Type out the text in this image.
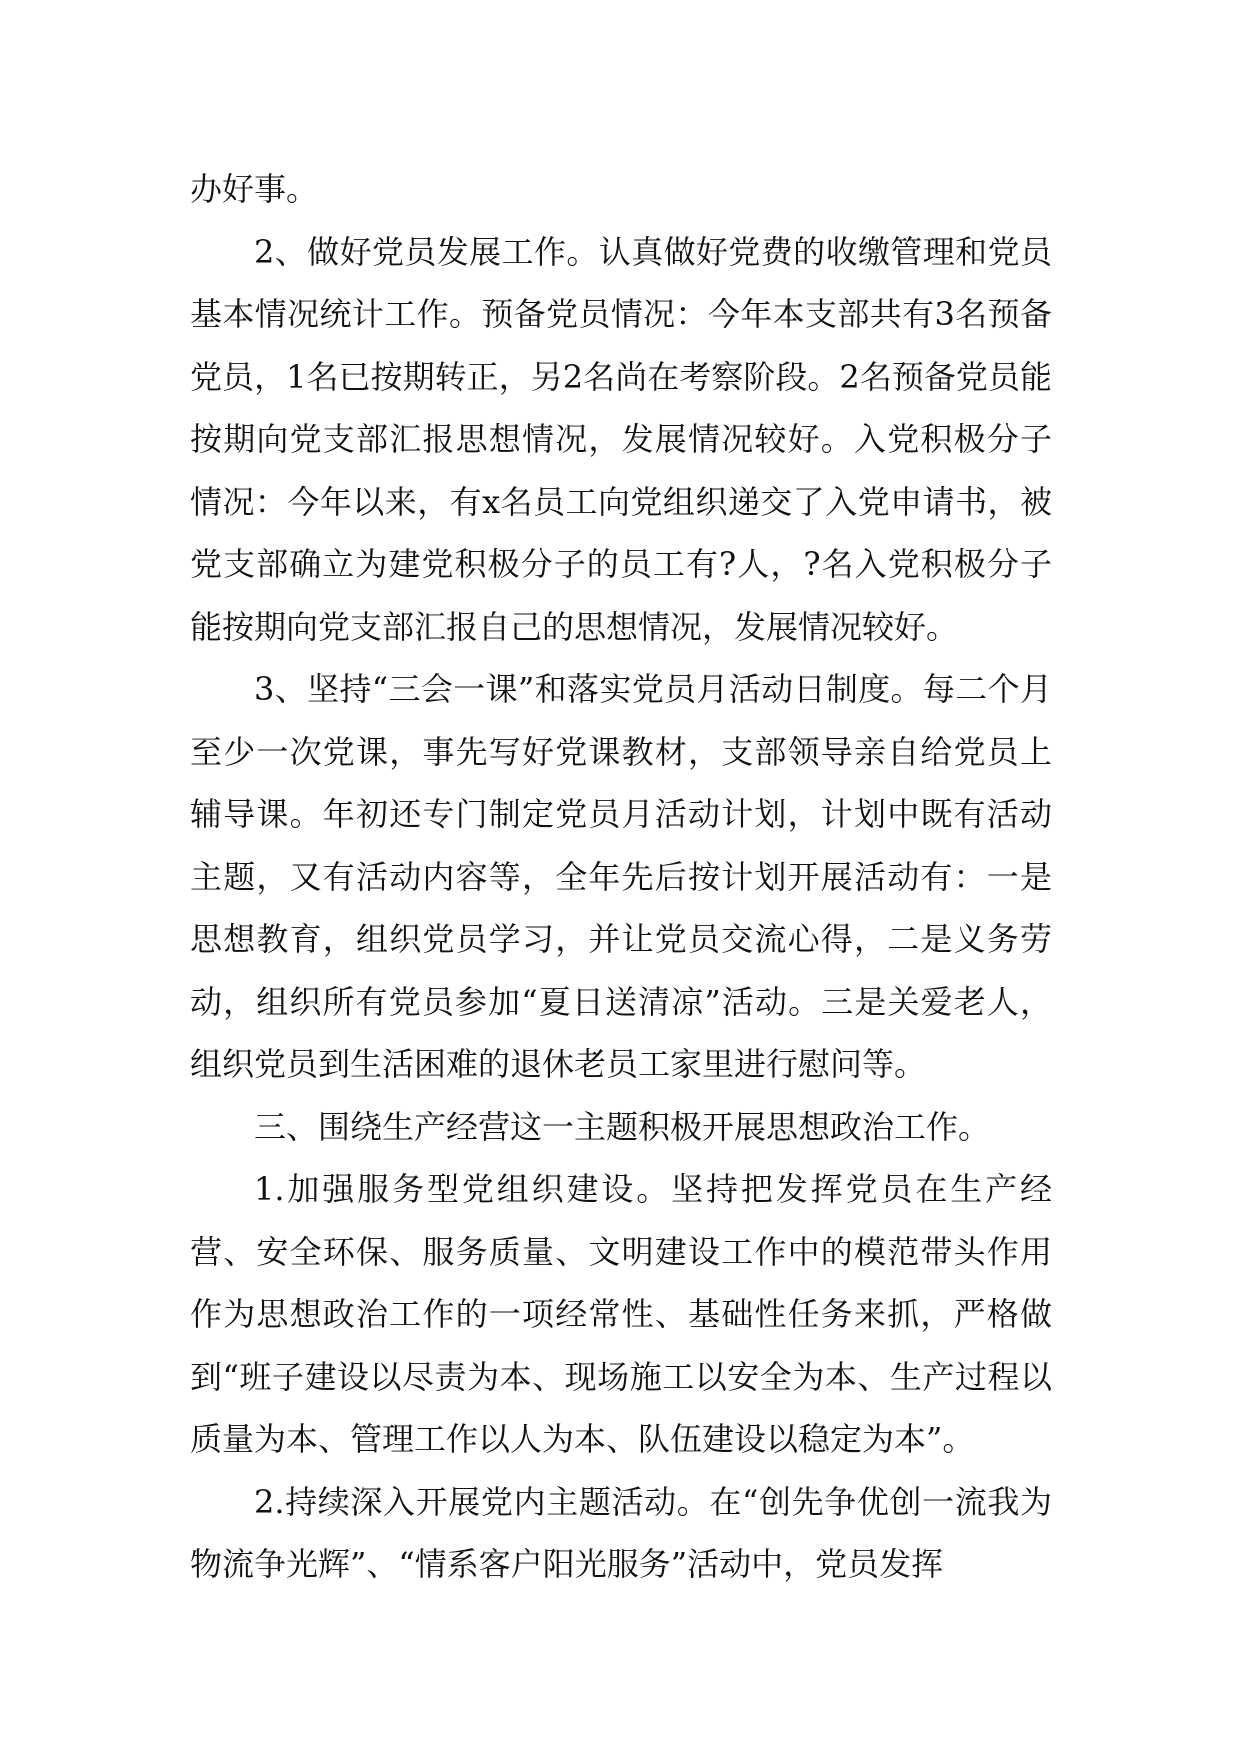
办好事。

2、做好党员发展工作。认真做好党费的收缴管理和党员基本情况统计工作。预备党员情况：今年本支部共有3名预备党员，1名已按期转正，另2名尚在考察阶段。2名预备党员能按期向党支部汇报思想情况，发展情况较好。入党积极分子情况：今年以来，有x名员工向党组织递交了入党申请书，被党支部确立为建党积极分子的员工有?人，?名入党积极分子能按期向党支部汇报自己的思想情况，发展情况较好。

3、坚持“三会一课”和落实党员月活动日制度。每二个月至少一次党课，事先写好党课教材，支部领导亲自给党员上辅导课。年初还专门制定党员月活动计划，计划中既有活动主题，又有活动内容等，全年先后按计划开展活动有：一是思想教育，组织党员学习，并让党员交流心得，二是义务劳动，组织所有党员参加“夏日送清凉”活动。三是关爱老人，组织党员到生活困难的退休老员工家里进行慰问等。

三、围绕生产经营这一主题积极开展思想政治工作。

1.加强服务型党组织建设。坚持把发挥党员在生产经营、安全环保、服务质量、文明建设工作中的模范带头作用作为思想政治工作的一项经常性、基础性任务来抓，严格做到“班子建设以尽责为本、现场施工以安全为本、生产过程以质量为本、管理工作以人为本、队伍建设以稳定为本”。

2.持续深入开展党内主题活动。在“创先争优创一流我为物流争光辉”、“情系客户阳光服务”活动中，党员发挥
